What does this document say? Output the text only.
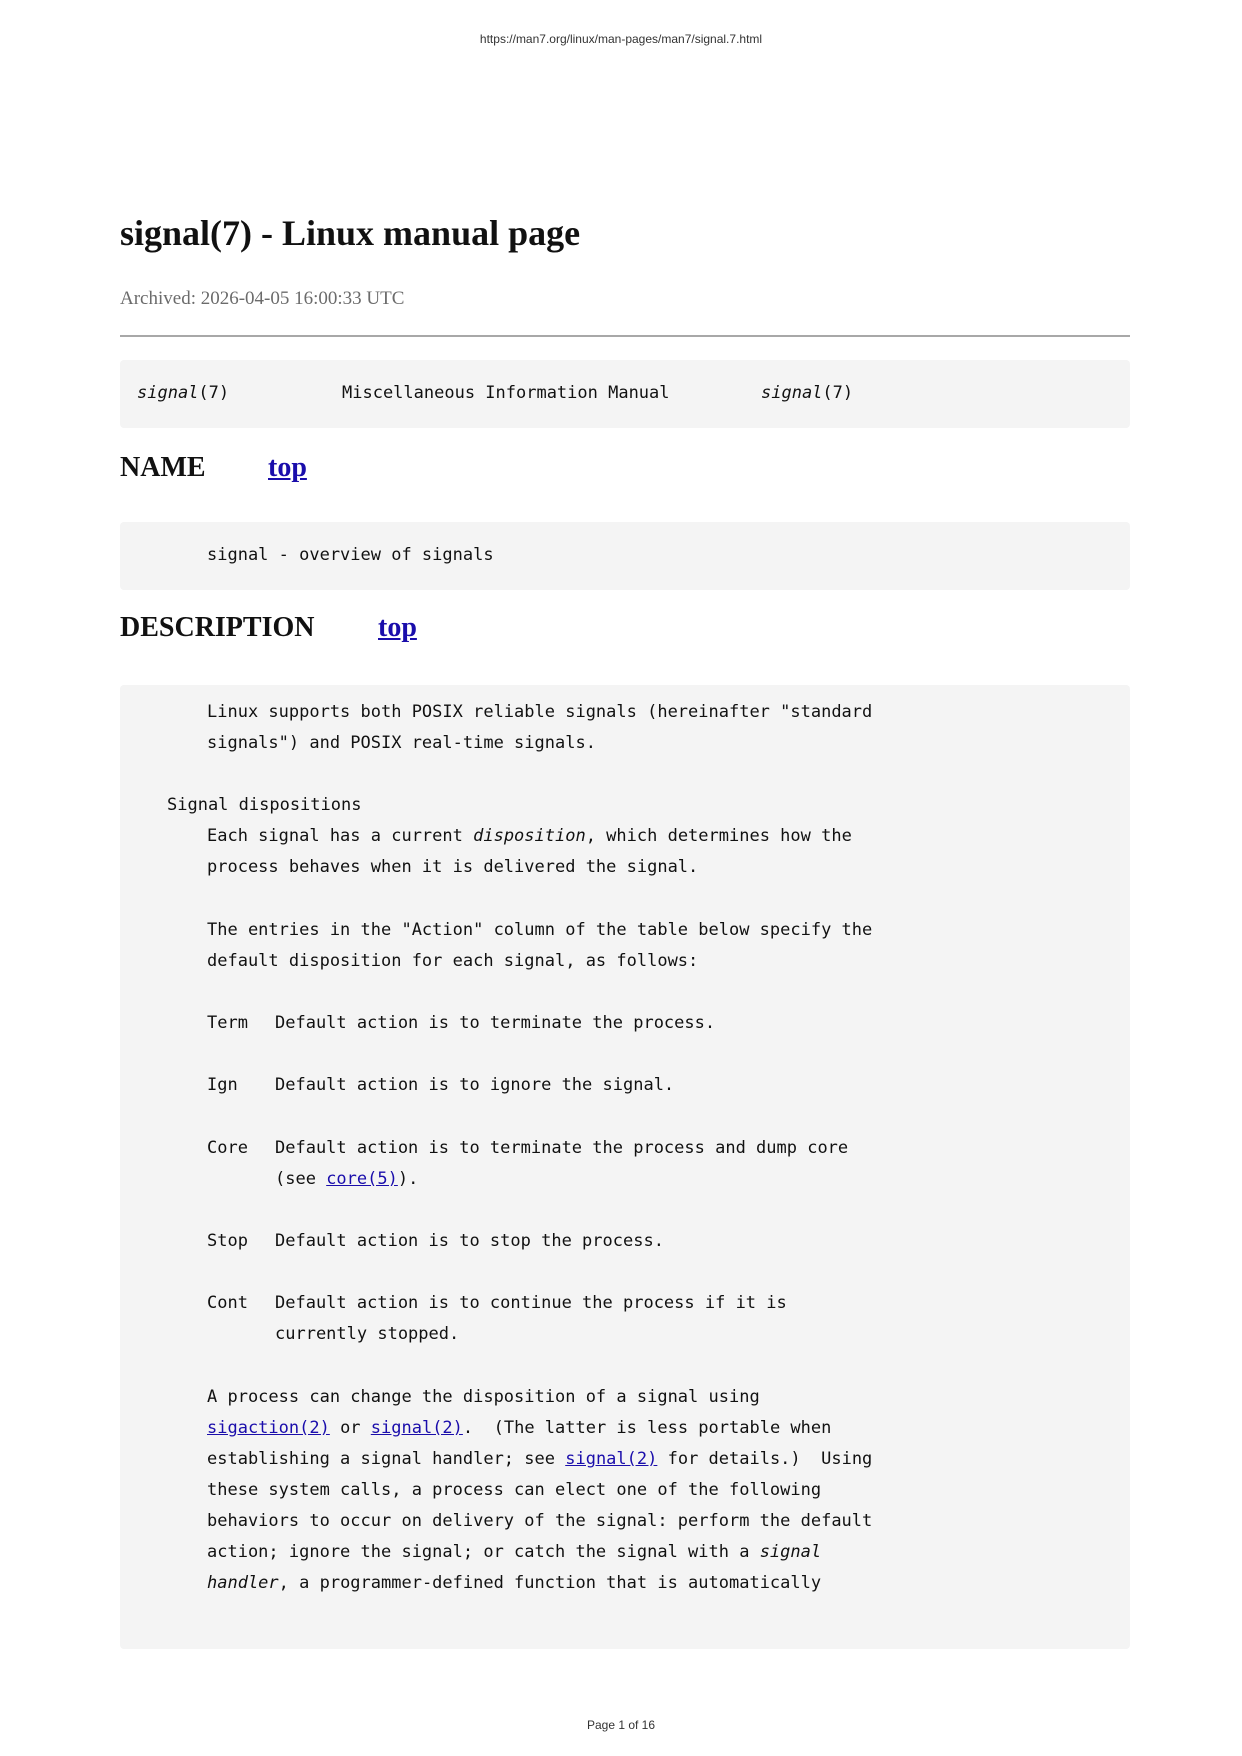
https://man7.org/linux/man-pages/man7/signal.7.html
signal(7) - Linux manual page
Archived: 2026-04-05 16:00:33 UTC
signal(7)	Miscellaneous Information Manual	signal(7)
NAME top
signal - overview of signals
DESCRIPTION top
Linux supports both POSIX reliable signals (hereinafter "standard
signals") and POSIX real-time signals.
Signal dispositions
Each signal has a current disposition, which determines how the
process behaves when it is delivered the signal.
The entries in the "Action" column of the table below specify the
default disposition for each signal, as follows:
Term Default action is to terminate the process.
Ign Default action is to ignore the signal.
Core Default action is to terminate the process and dump core
(see core(5)).
Stop Default action is to stop the process.
Cont Default action is to continue the process if it is
currently stopped.
A process can change the disposition of a signal using
sigaction(2) or signal(2).  (The latter is less portable when
establishing a signal handler; see signal(2) for details.)  Using
these system calls, a process can elect one of the following
behaviors to occur on delivery of the signal: perform the default
action; ignore the signal; or catch the signal with a signal
handler, a programmer-defined function that is automatically
Page 1 of 16
